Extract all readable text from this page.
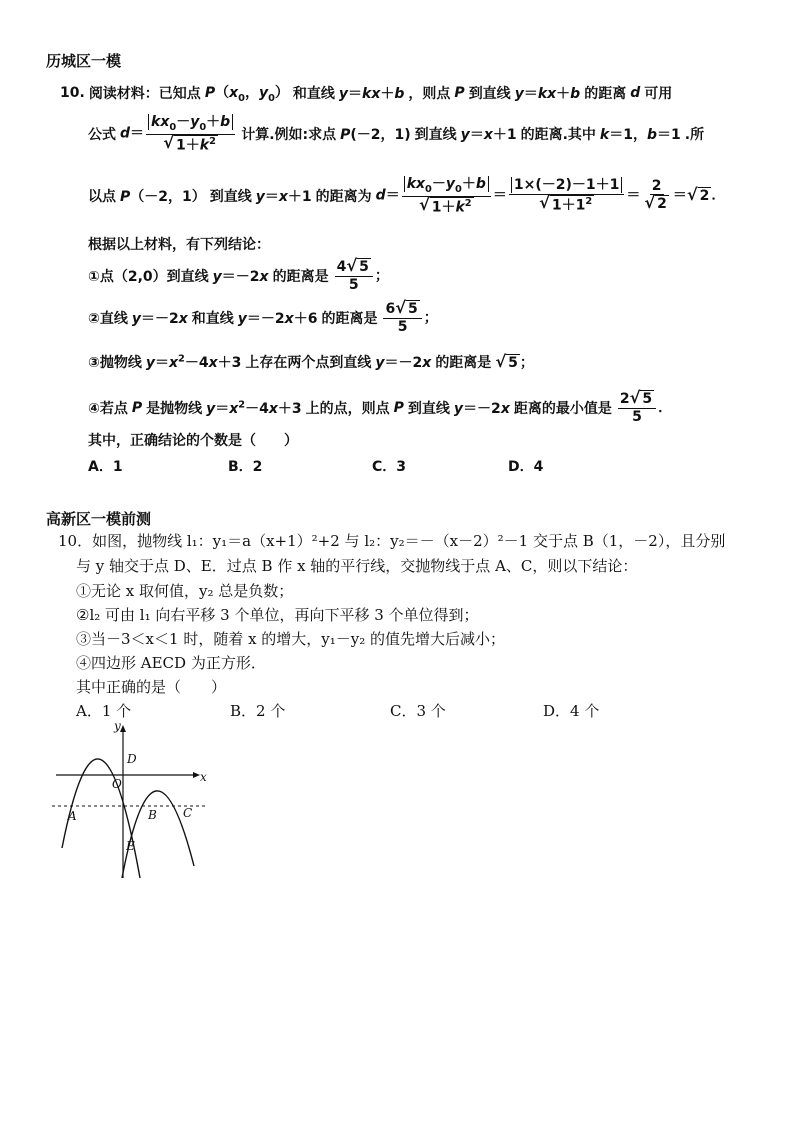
历城区一模
10. 阅读材料：已知点 $P(x_0$，$y_0$） 和直线 y＝kx＋b ，则点 P 到直线 y＝kx＋b 的距离 d 可用
公式 $d= \frac{kx_0-y_0+b}{√ 1+k^2}$ 计算.例如:求点 P(－2，1) 到直线 y＝x＋1 的距离.其中 k＝1，b＝1 .所
以点 P（－2，1） 到直线 y＝x＋1 的距离为 $d= \frac{kx_0-y_0+b}{√ 1+k^2} = \frac{1\times(-2)-1+1}{√ 1+1^2} = \frac{2}{√ 2}$ ＝ √ 2 ．
根据以上材料，有下列结论：
①点（2,0）到直线 y＝－2x 的距离是 $\frac{4 √ 5}{5}$ ；
②直线 y＝－2x 和直线 y＝－2x＋6 的距离是 $\frac{6 √ 5}{5}$ ；
③抛物线 $y=x^2-4x+3$ 上存在两个点到直线 y＝－2x 的距离是 √ 5 ；
④若点 P 是抛物线 $y=x^2-4x+3$ 上的点，则点 P 到直线 y＝－2x 距离的最小值是 $\frac{2 √ 5}{5}$ ．
其中，正确结论的个数是（　　）
A．1	B．2	C．3	D．4
高新区一模前测
10．如图，抛物线 l₁：y₁＝a（x+1）²+2 与 l₂：y₂＝－（x－2）²－1 交于点 B（1，－2），且分别
与 y 轴交于点 D、E．过点 B 作 x 轴的平行线，交抛物线于点 A、C，则以下结论：
①无论 x 取何值，y₂ 总是负数；
②l₂ 可由 l₁ 向右平移 3 个单位，再向下平移 3 个单位得到；
③当－3＜x＜1 时，随着 x 的增大，y₁－y₂ 的值先增大后减小；
④四边形 AECD 为正方形．
其中正确的是（　　）
A．1 个	B．2 个	C．3 个	D．4 个
y
x
O
D
A	B C
E
